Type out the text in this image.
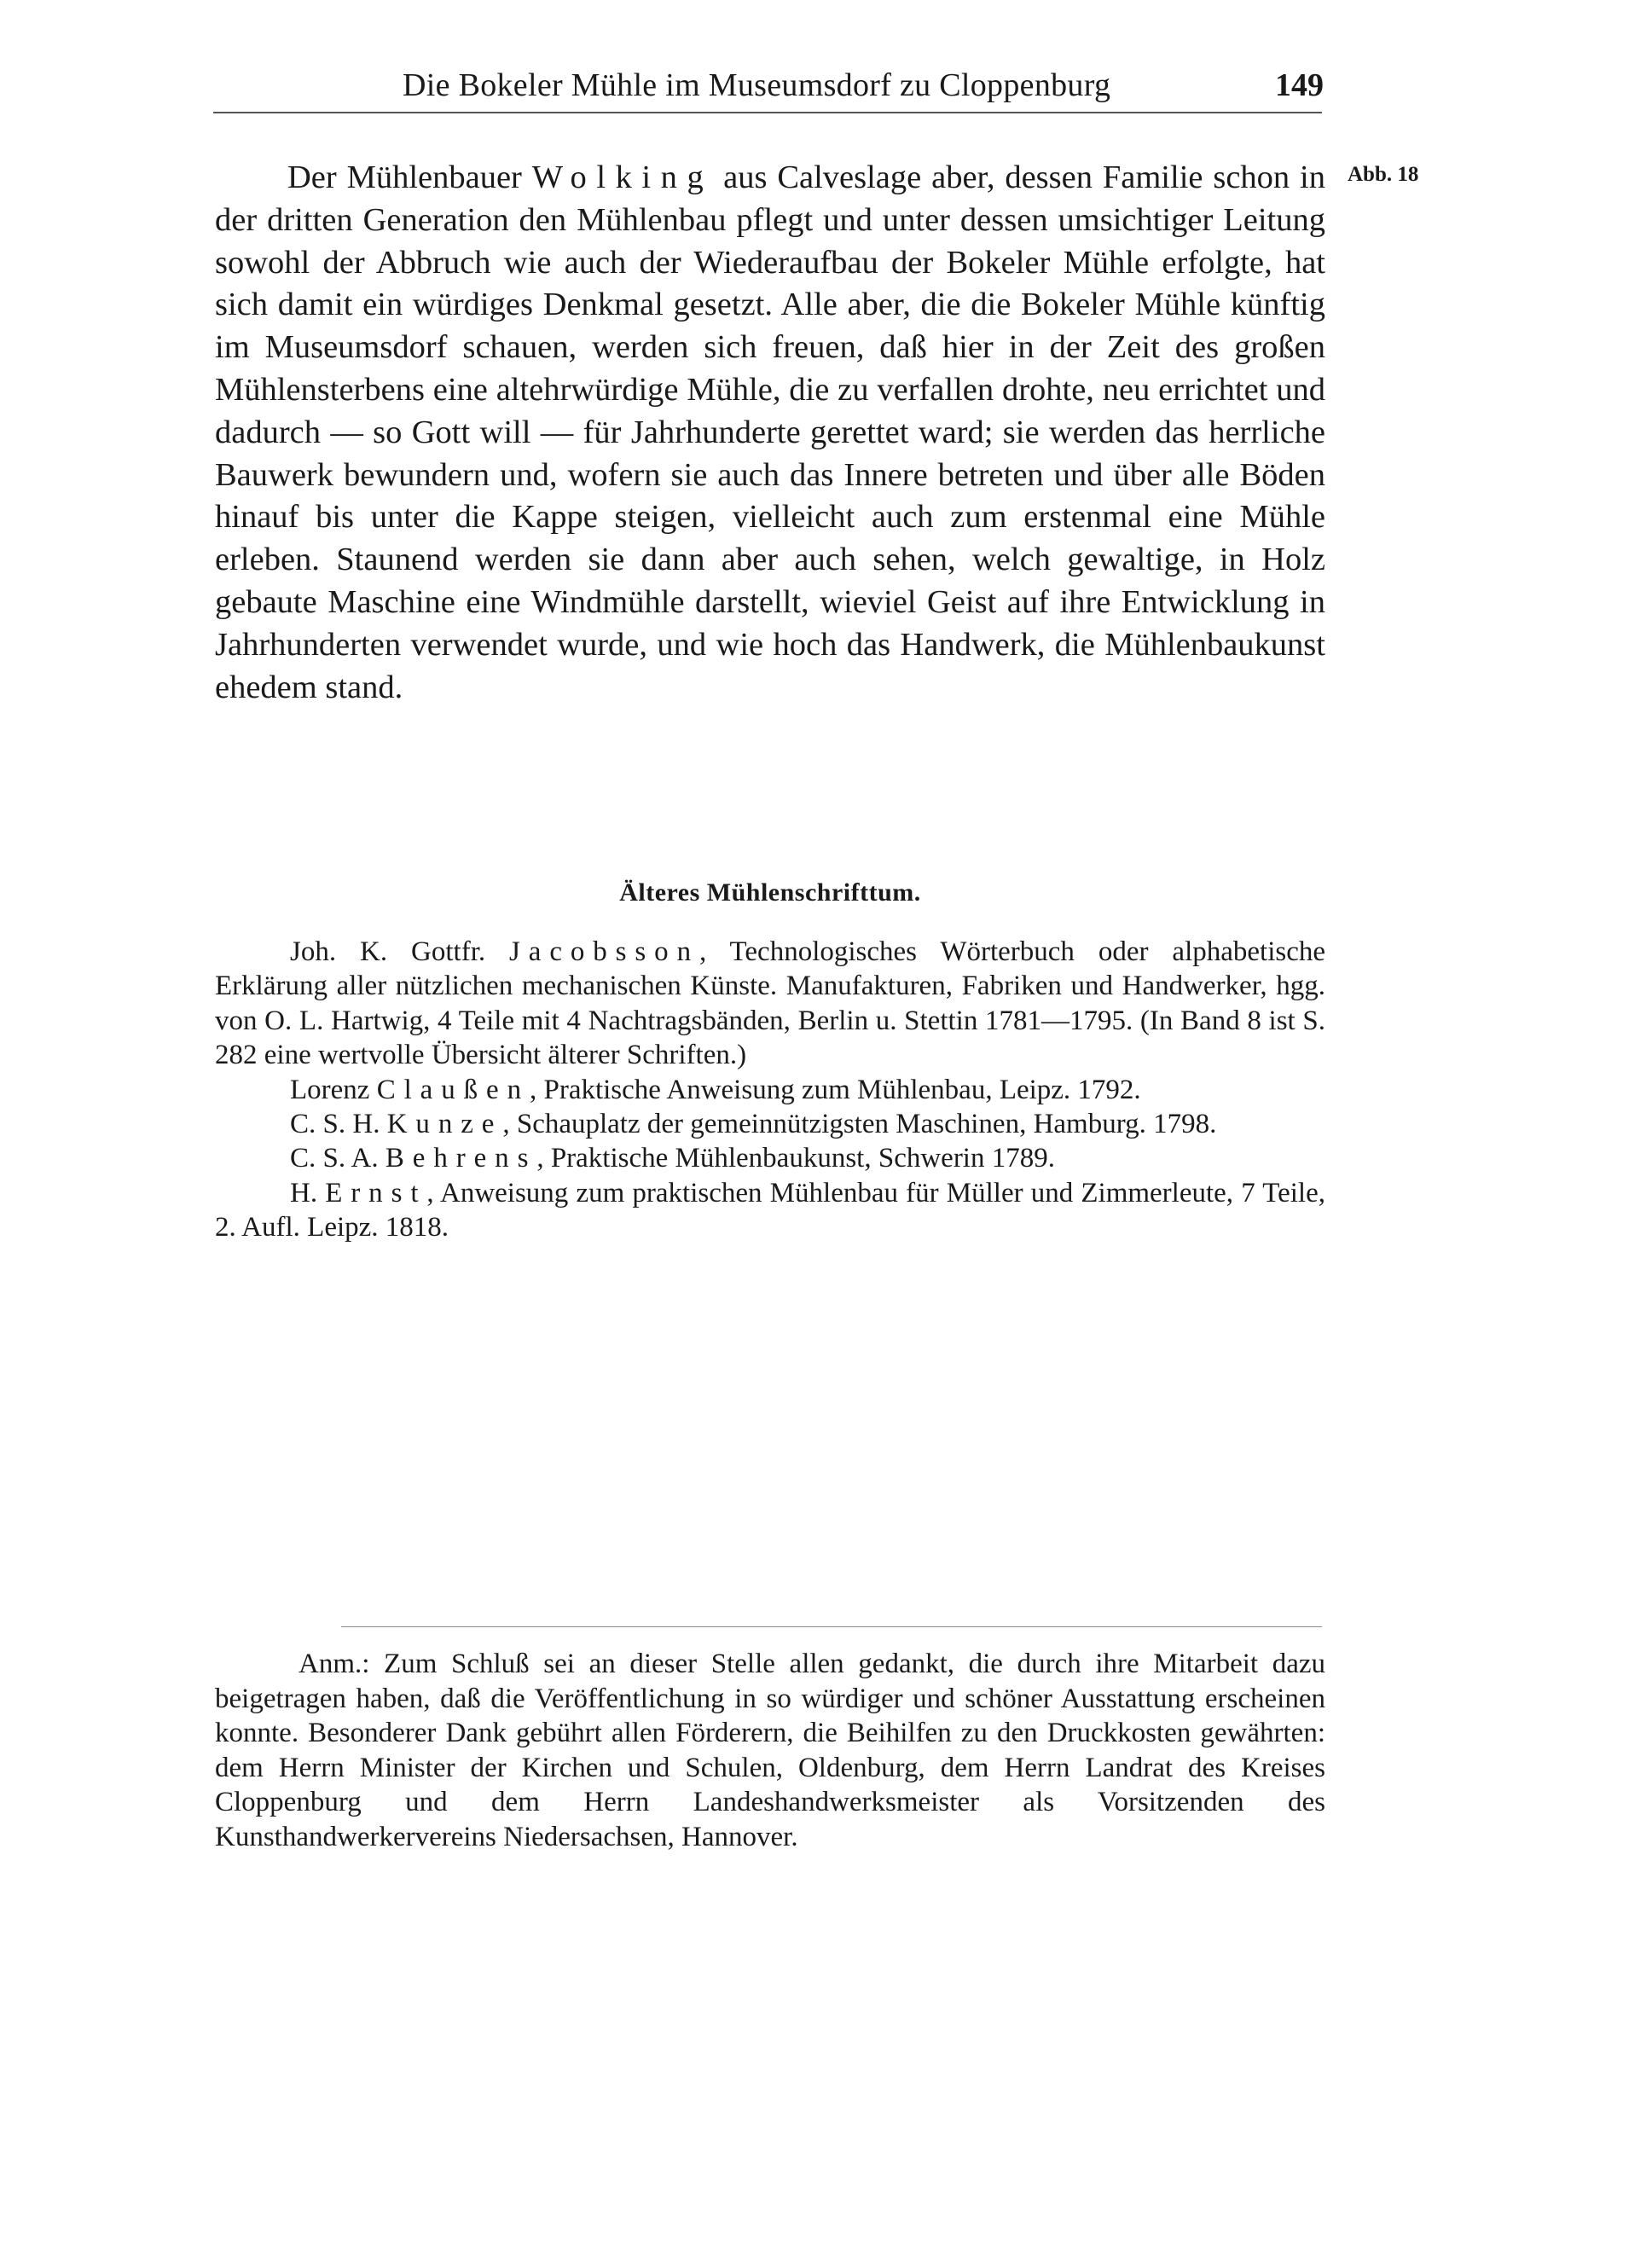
Die Bokeler Mühle im Museumsdorf zu Cloppenburg	149
Abb. 18

Der Mühlenbauer Wolking aus Calveslage aber, dessen Familie schon in der dritten Generation den Mühlenbau pflegt und unter dessen umsichtiger Leitung sowohl der Abbruch wie auch der Wiederaufbau der Bokeler Mühle erfolgte, hat sich damit ein würdiges Denkmal gesetzt. Alle aber, die die Bokeler Mühle künftig im Museumsdorf schauen, werden sich freuen, daß hier in der Zeit des großen Mühlensterbens eine altehrwürdige Mühle, die zu verfallen drohte, neu errichtet und dadurch — so Gott will — für Jahrhunderte gerettet ward; sie werden das herrliche Bauwerk bewundern und, wofern sie auch das Innere betreten und über alle Böden hinauf bis unter die Kappe steigen, vielleicht auch zum erstenmal eine Mühle erleben. Staunend werden sie dann aber auch sehen, welch gewaltige, in Holz gebaute Maschine eine Windmühle darstellt, wieviel Geist auf ihre Entwicklung in Jahrhunderten verwendet wurde, und wie hoch das Handwerk, die Mühlenbaukunst ehedem stand.

Älteres Mühlenschrifttum.

Joh. K. Gottfr. Jacobsson, Technologisches Wörterbuch oder alphabetische Erklärung aller nützlichen mechanischen Künste. Manufakturen, Fabriken und Handwerker, hgg. von O. L. Hartwig, 4 Teile mit 4 Nachtragsbänden, Berlin u. Stettin 1781—1795. (In Band 8 ist S. 282 eine wertvolle Übersicht älterer Schriften.)

Lorenz Claußen, Praktische Anweisung zum Mühlenbau, Leipz. 1792.

C. S. H. Kunze, Schauplatz der gemeinnützigsten Maschinen, Hamburg. 1798.

C. S. A. Behrens, Praktische Mühlenbaukunst, Schwerin 1789.

H. Ernst, Anweisung zum praktischen Mühlenbau für Müller und Zimmerleute, 7 Teile, 2. Aufl. Leipz. 1818.

Anm.: Zum Schluß sei an dieser Stelle allen gedankt, die durch ihre Mitarbeit dazu beigetragen haben, daß die Veröffentlichung in so würdiger und schöner Ausstattung erscheinen konnte. Besonderer Dank gebührt allen Förderern, die Beihilfen zu den Druckkosten gewährten: dem Herrn Minister der Kirchen und Schulen, Oldenburg, dem Herrn Landrat des Kreises Cloppenburg und dem Herrn Landeshandwerksmeister als Vorsitzenden des Kunsthandwerkervereins Niedersachsen, Hannover.
